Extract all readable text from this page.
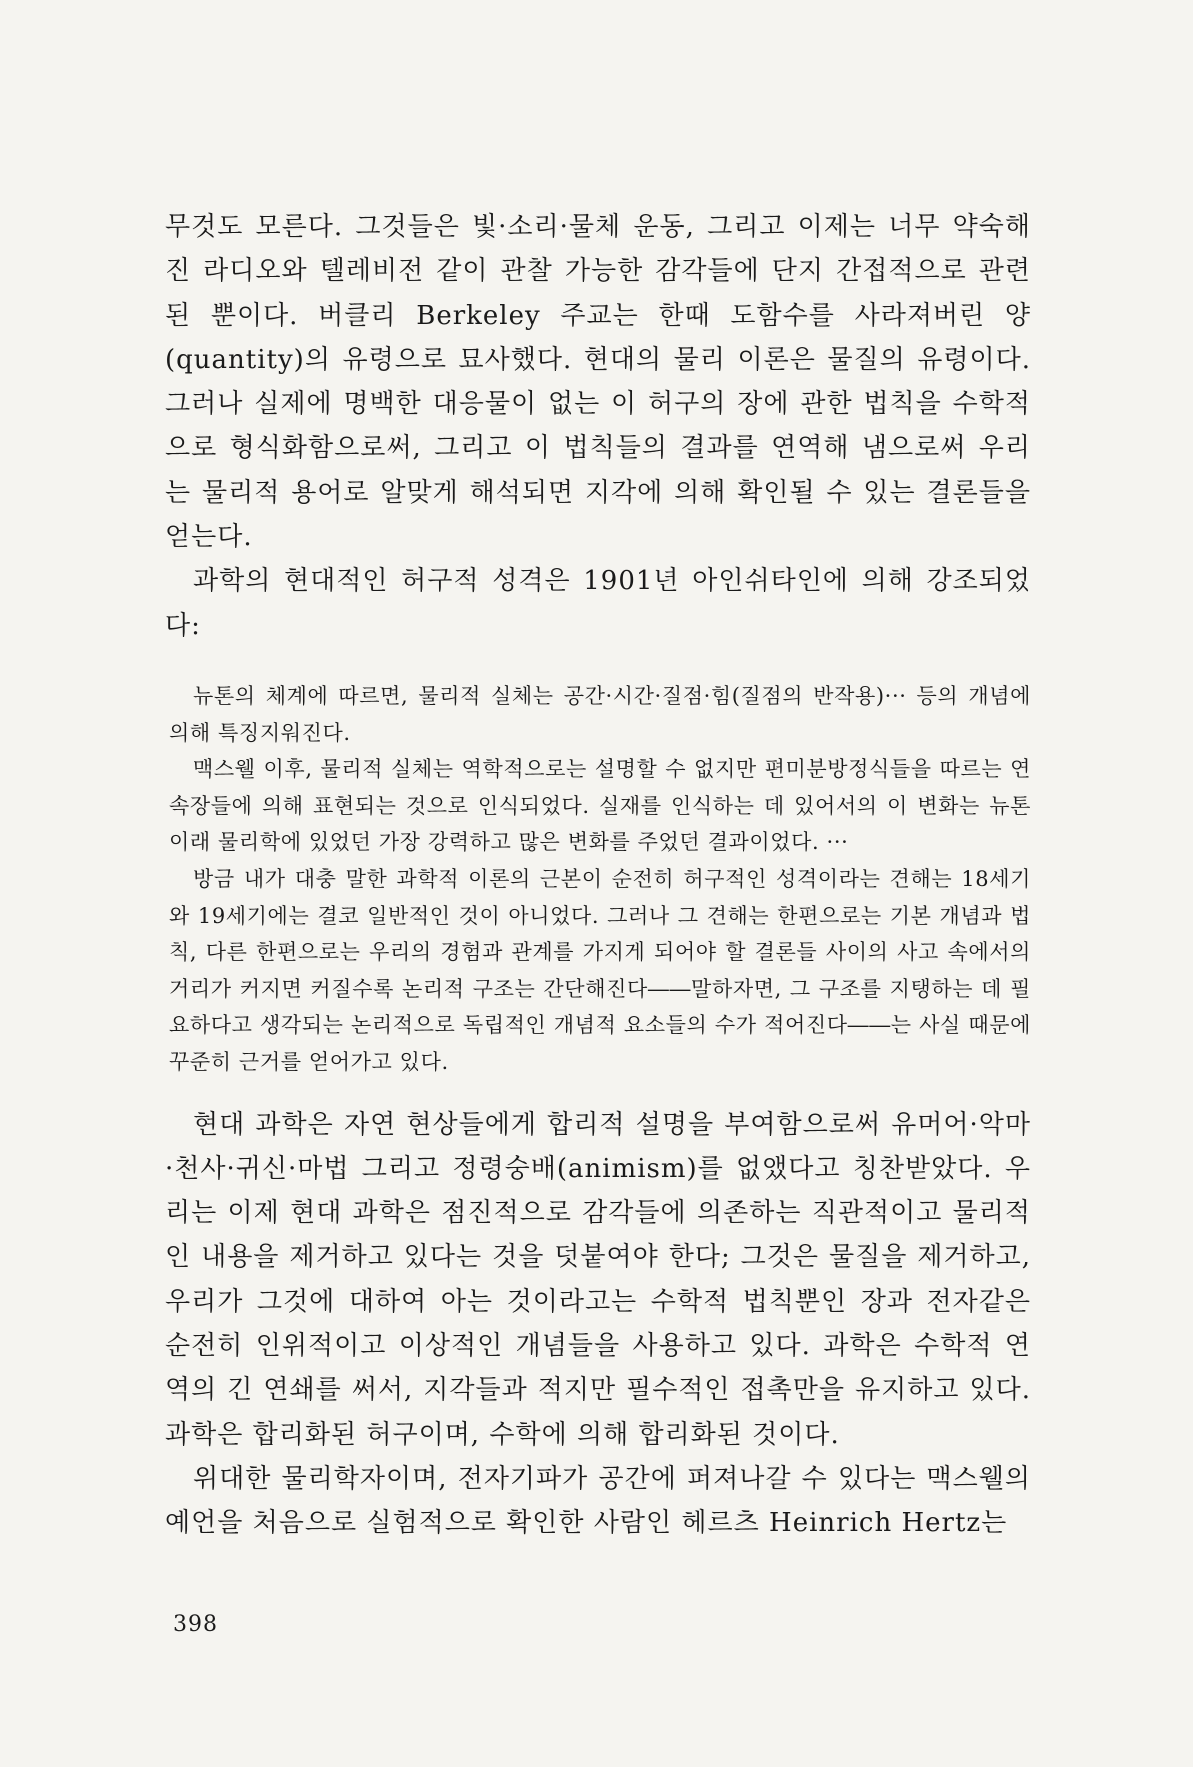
무것도 모른다. 그것들은 빛·소리·물체 운동, 그리고 이제는 너무 약숙해진 라디오와 텔레비전 같이 관찰 가능한 감각들에 단지 간접적으로 관련된 뿐이다. 버클리 Berkeley 주교는 한때 도함수를 사라져버린 양(quantity)의 유령으로 묘사했다. 현대의 물리 이론은 물질의 유령이다. 그러나 실제에 명백한 대응물이 없는 이 허구의 장에 관한 법칙을 수학적으로 형식화함으로써, 그리고 이 법칙들의 결과를 연역해 냄으로써 우리는 물리적 용어로 알맞게 해석되면 지각에 의해 확인될 수 있는 결론들을 얻는다.

과학의 현대적인 허구적 성격은 1901년 아인쉬타인에 의해 강조되었다:

뉴톤의 체계에 따르면, 물리적 실체는 공간·시간·질점·힘(질점의 반작용)··· 등의 개념에 의해 특징지워진다.

맥스웰 이후, 물리적 실체는 역학적으로는 설명할 수 없지만 편미분방정식들을 따르는 연속장들에 의해 표현되는 것으로 인식되었다. 실재를 인식하는 데 있어서의 이 변화는 뉴톤 이래 물리학에 있었던 가장 강력하고 많은 변화를 주었던 결과이었다. ···

방금 내가 대충 말한 과학적 이론의 근본이 순전히 허구적인 성격이라는 견해는 18세기와 19세기에는 결코 일반적인 것이 아니었다. 그러나 그 견해는 한편으로는 기본 개념과 법칙, 다른 한편으로는 우리의 경험과 관계를 가지게 되어야 할 결론들 사이의 사고 속에서의 거리가 커지면 커질수록 논리적 구조는 간단해진다――말하자면, 그 구조를 지탱하는 데 필요하다고 생각되는 논리적으로 독립적인 개념적 요소들의 수가 적어진다――는 사실 때문에 꾸준히 근거를 얻어가고 있다.

현대 과학은 자연 현상들에게 합리적 설명을 부여함으로써 유머어·악마·천사·귀신·마법 그리고 정령숭배(animism)를 없앴다고 칭찬받았다. 우리는 이제 현대 과학은 점진적으로 감각들에 의존하는 직관적이고 물리적인 내용을 제거하고 있다는 것을 덧붙여야 한다; 그것은 물질을 제거하고, 우리가 그것에 대하여 아는 것이라고는 수학적 법칙뿐인 장과 전자같은 순전히 인위적이고 이상적인 개념들을 사용하고 있다. 과학은 수학적 연역의 긴 연쇄를 써서, 지각들과 적지만 필수적인 접촉만을 유지하고 있다. 과학은 합리화된 허구이며, 수학에 의해 합리화된 것이다.

위대한 물리학자이며, 전자기파가 공간에 퍼져나갈 수 있다는 맥스웰의 예언을 처음으로 실험적으로 확인한 사람인 헤르츠 Heinrich Hertz는

398
